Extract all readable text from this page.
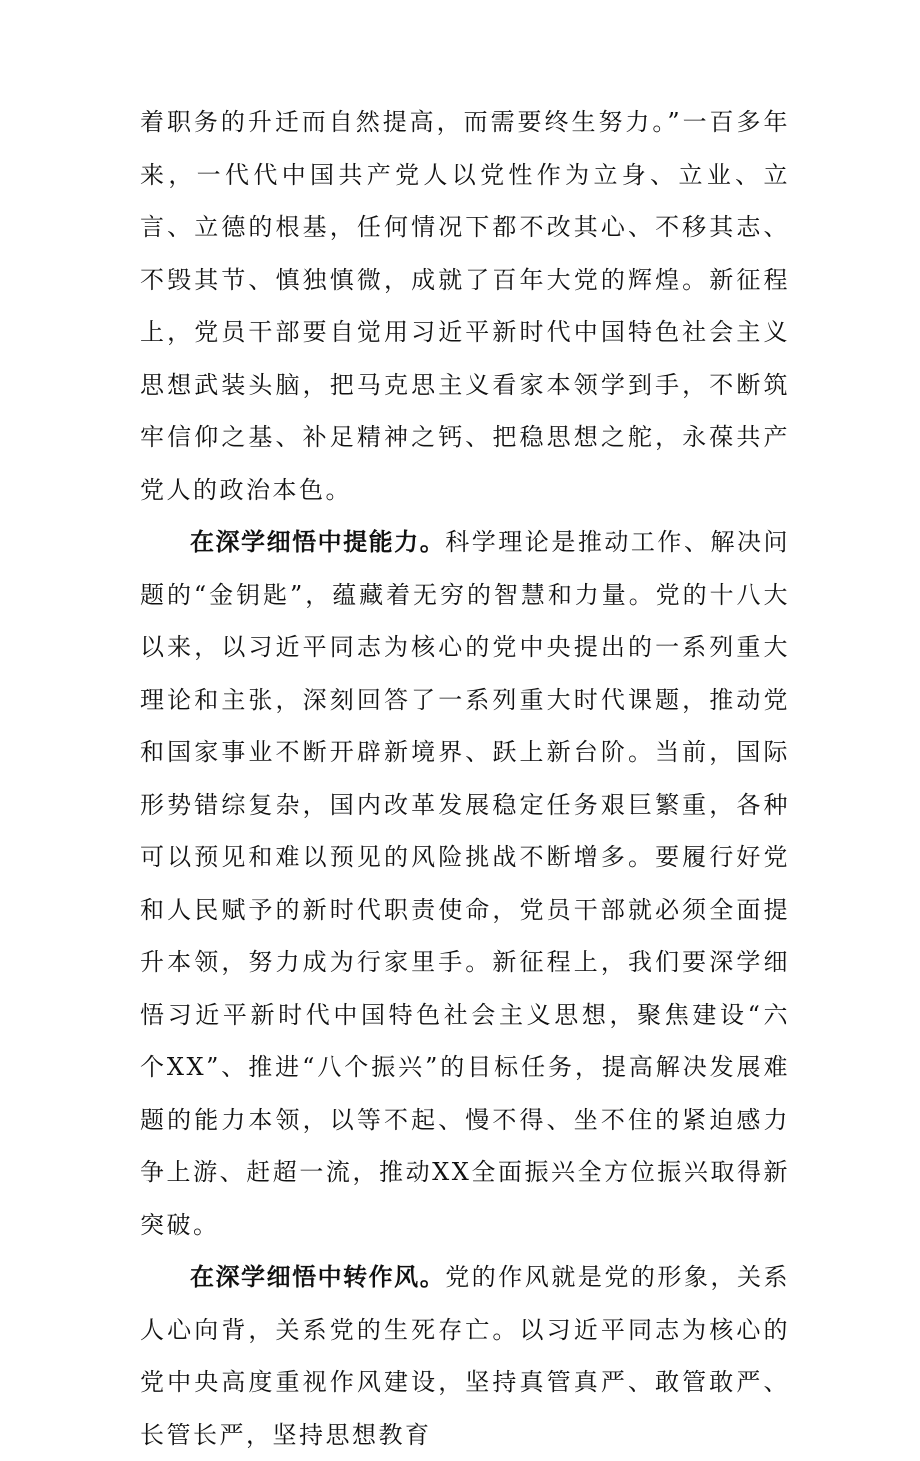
着职务的升迁而自然提高，而需要终生努力。”一百多年来，一代代中国共产党人以党性作为立身、立业、立言、立德的根基，任何情况下都不改其心、不移其志、不毁其节、慎独慎微，成就了百年大党的辉煌。新征程上，党员干部要自觉用习近平新时代中国特色社会主义思想武装头脑，把马克思主义看家本领学到手，不断筑牢信仰之基、补足精神之钙、把稳思想之舵，永葆共产党人的政治本色。

在深学细悟中提能力。科学理论是推动工作、解决问题的“金钥匙”，蕴藏着无穷的智慧和力量。党的十八大以来，以习近平同志为核心的党中央提出的一系列重大理论和主张，深刻回答了一系列重大时代课题，推动党和国家事业不断开辟新境界、跃上新台阶。当前，国际形势错综复杂，国内改革发展稳定任务艰巨繁重，各种可以预见和难以预见的风险挑战不断增多。要履行好党和人民赋予的新时代职责使命，党员干部就必须全面提升本领，努力成为行家里手。新征程上，我们要深学细悟习近平新时代中国特色社会主义思想，聚焦建设“六个XX”、推进“八个振兴”的目标任务，提高解决发展难题的能力本领，以等不起、慢不得、坐不住的紧迫感力争上游、赶超一流，推动XX全面振兴全方位振兴取得新突破。

在深学细悟中转作风。党的作风就是党的形象，关系人心向背，关系党的生死存亡。以习近平同志为核心的党中央高度重视作风建设，坚持真管真严、敢管敢严、长管长严，坚持思想教育
